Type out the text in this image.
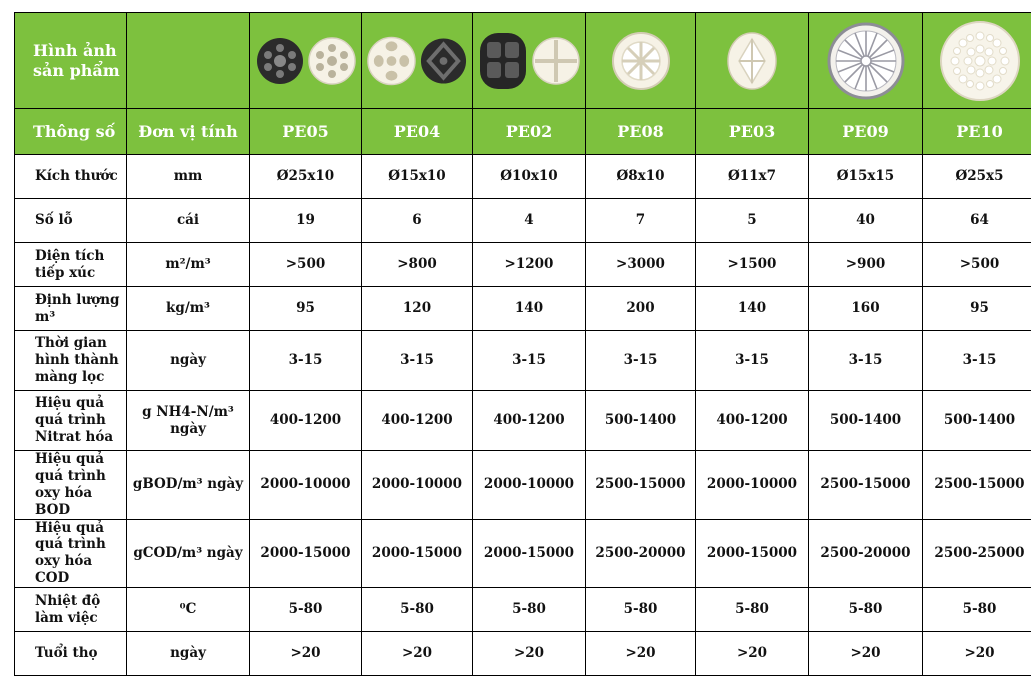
Hình ảnh sản phẩm		

Thông số	Đơn vị tính	PE05	PE04	PE02	PE08	PE03	PE09	PE10
Kích thước	mm	Ø25x10	Ø15x10	Ø10x10	Ø8x10	Ø11x7	Ø15x15	Ø25x5
Số lỗ	cái	19	6	4	7	5	40	64
Diện tích tiếp xúc	m²/m³	>500	>800	>1200	>3000	>1500	>900	>500
Định lượng m³	kg/m³	95	120	140	200	140	160	95
Thời gian hình thành màng lọc	ngày	3-15	3-15	3-15	3-15	3-15	3-15	3-15
Hiệu quả quá trình Nitrat hóa	g NH4-N/m³ ngày	400-1200	400-1200	400-1200	500-1400	400-1200	500-1400	500-1400
Hiệu quả quá trình oxy hóa BOD	gBOD/m³ ngày	2000-10000	2000-10000	2000-10000	2500-15000	2000-10000	2500-15000	2500-15000
Hiệu quả quá trình oxy hóa COD	gCOD/m³ ngày	2000-15000	2000-15000	2000-15000	2500-20000	2000-15000	2500-20000	2500-25000
Nhiệt độ làm việc	⁰C	5-80	5-80	5-80	5-80	5-80	5-80	5-80
Tuổi thọ	ngày	>20	>20	>20	>20	>20	>20	>20
